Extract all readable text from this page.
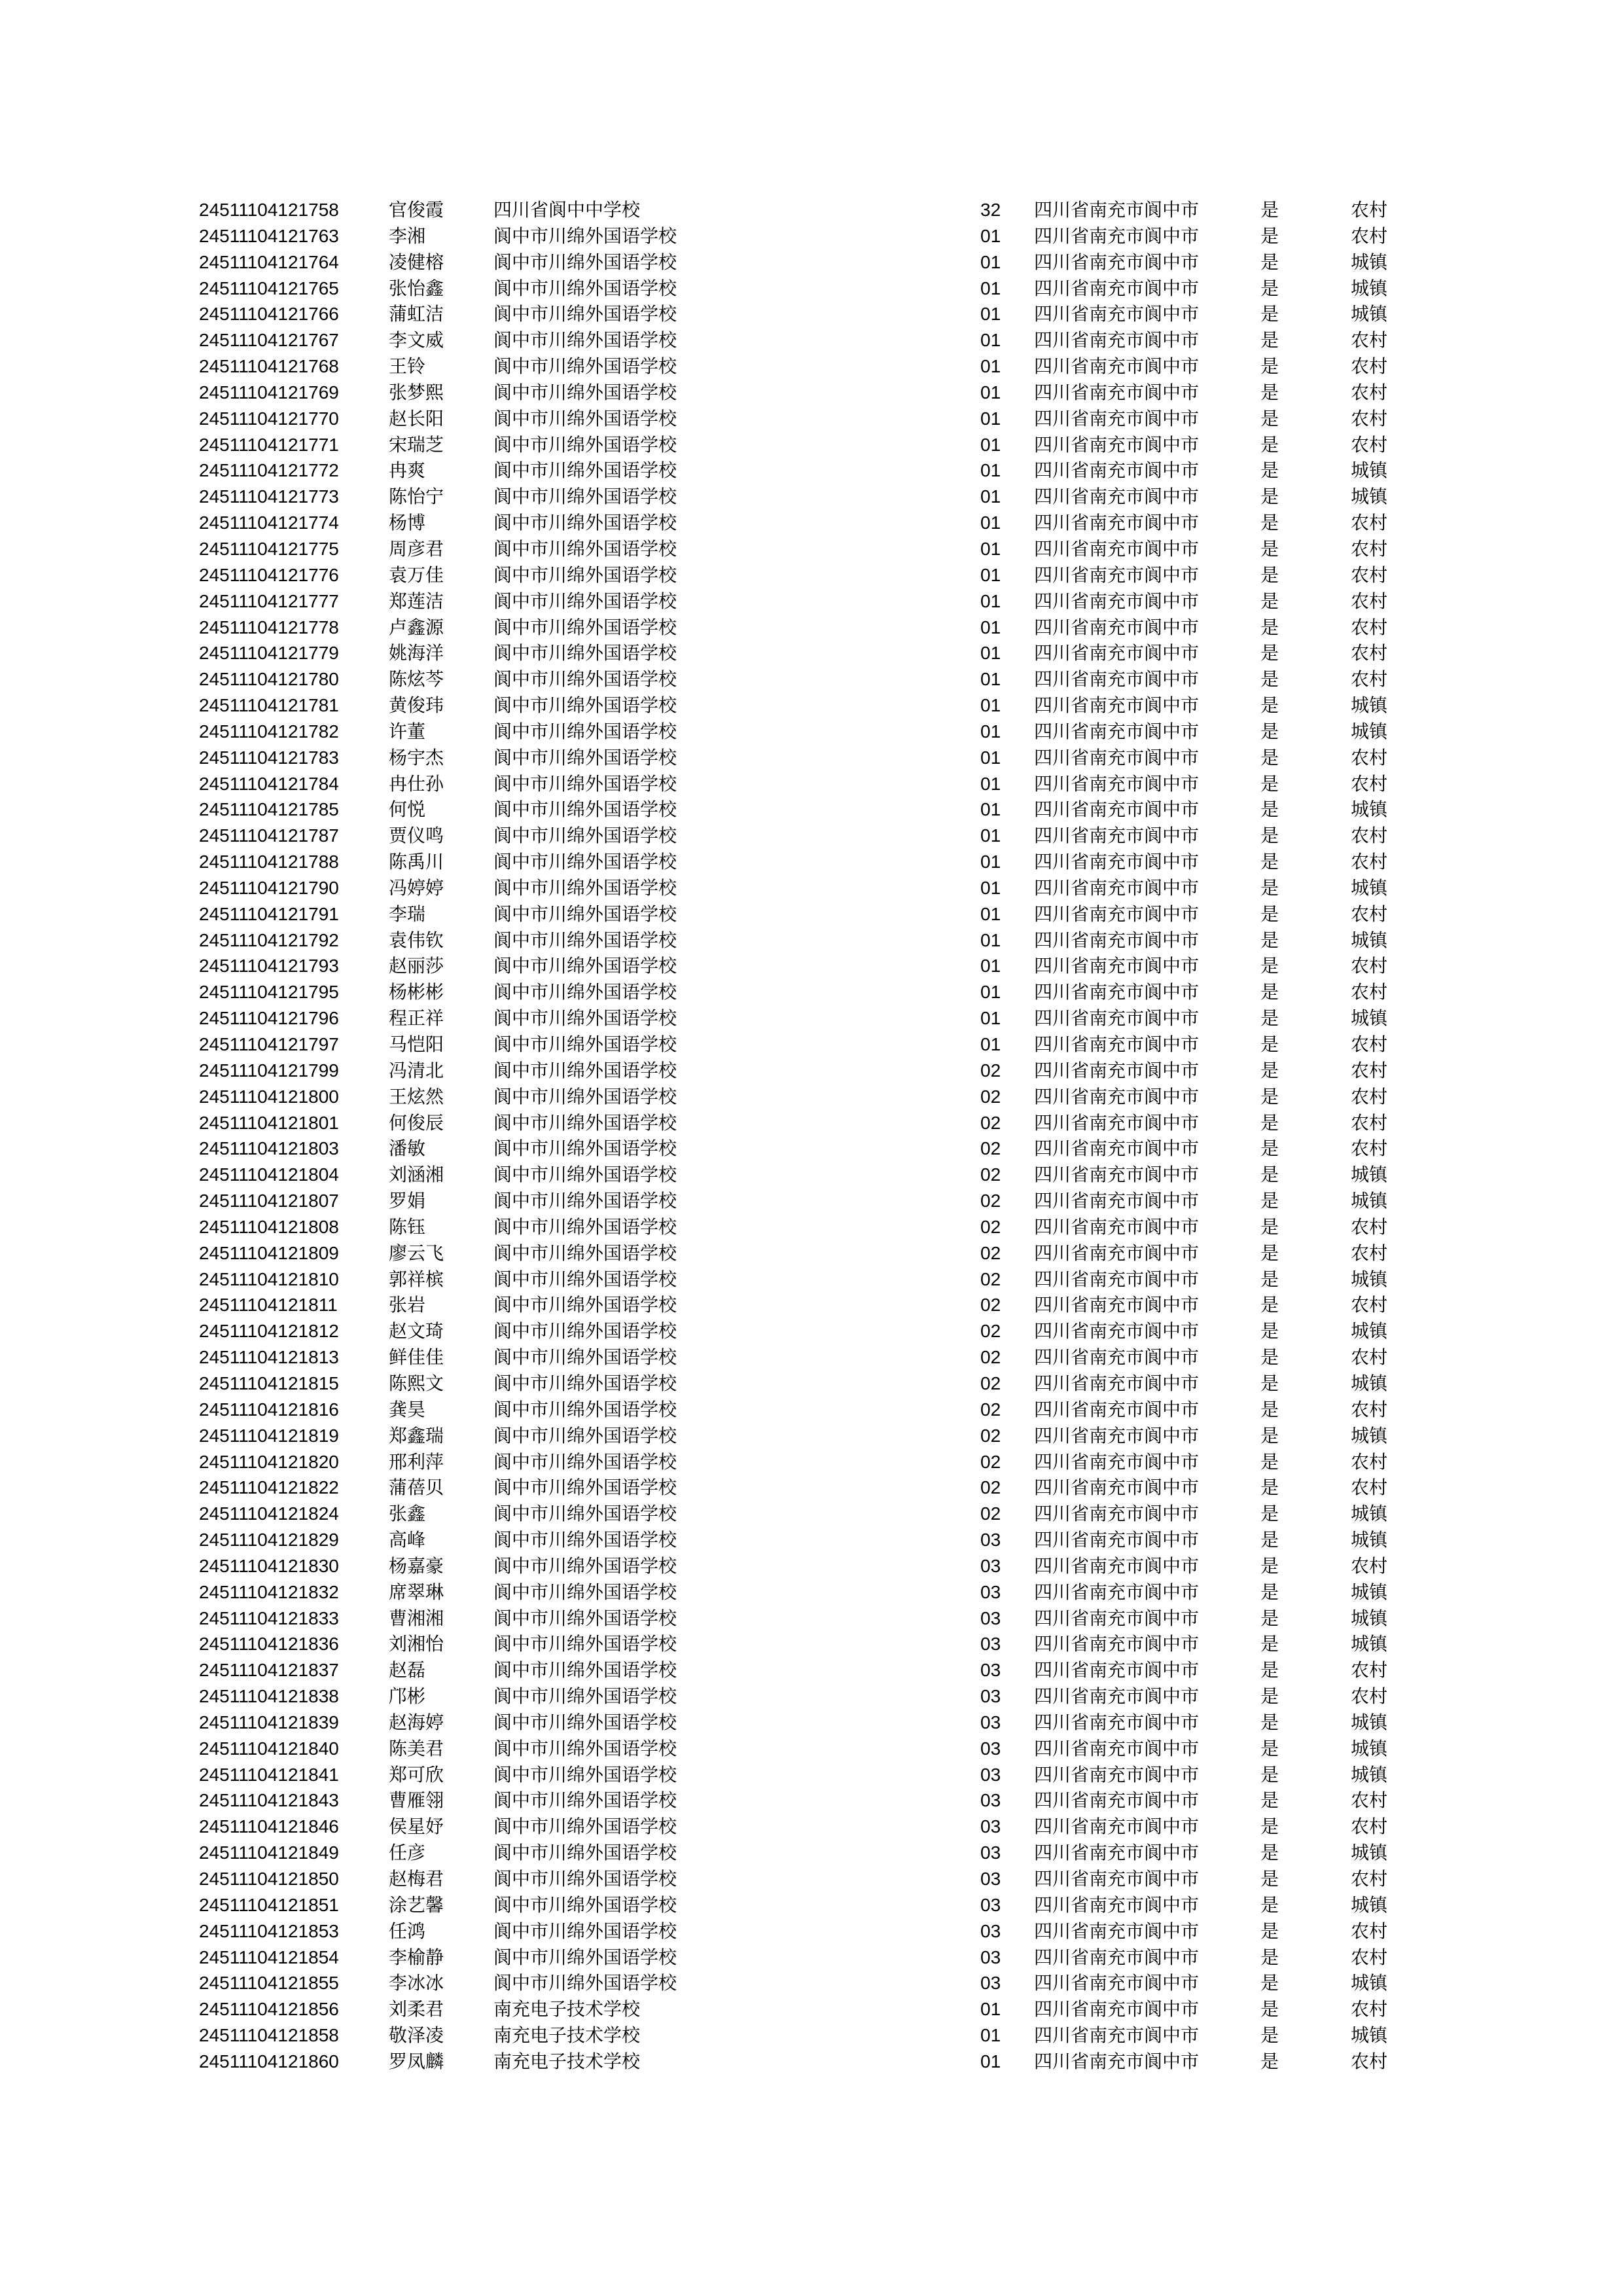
24511104121758	官俊霞	四川省阆中中学校	32	四川省南充市阆中市	是	农村
24511104121763	李湘	阆中市川绵外国语学校	01	四川省南充市阆中市	是	农村
24511104121764	凌健榕	阆中市川绵外国语学校	01	四川省南充市阆中市	是	城镇
24511104121765	张怡鑫	阆中市川绵外国语学校	01	四川省南充市阆中市	是	城镇
24511104121766	蒲虹洁	阆中市川绵外国语学校	01	四川省南充市阆中市	是	城镇
24511104121767	李文威	阆中市川绵外国语学校	01	四川省南充市阆中市	是	农村
24511104121768	王铃	阆中市川绵外国语学校	01	四川省南充市阆中市	是	农村
24511104121769	张梦熙	阆中市川绵外国语学校	01	四川省南充市阆中市	是	农村
24511104121770	赵长阳	阆中市川绵外国语学校	01	四川省南充市阆中市	是	农村
24511104121771	宋瑞芝	阆中市川绵外国语学校	01	四川省南充市阆中市	是	农村
24511104121772	冉爽	阆中市川绵外国语学校	01	四川省南充市阆中市	是	城镇
24511104121773	陈怡宁	阆中市川绵外国语学校	01	四川省南充市阆中市	是	城镇
24511104121774	杨博	阆中市川绵外国语学校	01	四川省南充市阆中市	是	农村
24511104121775	周彦君	阆中市川绵外国语学校	01	四川省南充市阆中市	是	农村
24511104121776	袁万佳	阆中市川绵外国语学校	01	四川省南充市阆中市	是	农村
24511104121777	郑莲洁	阆中市川绵外国语学校	01	四川省南充市阆中市	是	农村
24511104121778	卢鑫源	阆中市川绵外国语学校	01	四川省南充市阆中市	是	农村
24511104121779	姚海洋	阆中市川绵外国语学校	01	四川省南充市阆中市	是	农村
24511104121780	陈炫芩	阆中市川绵外国语学校	01	四川省南充市阆中市	是	农村
24511104121781	黄俊玮	阆中市川绵外国语学校	01	四川省南充市阆中市	是	城镇
24511104121782	许董	阆中市川绵外国语学校	01	四川省南充市阆中市	是	城镇
24511104121783	杨宇杰	阆中市川绵外国语学校	01	四川省南充市阆中市	是	农村
24511104121784	冉仕孙	阆中市川绵外国语学校	01	四川省南充市阆中市	是	农村
24511104121785	何悦	阆中市川绵外国语学校	01	四川省南充市阆中市	是	城镇
24511104121787	贾仪鸣	阆中市川绵外国语学校	01	四川省南充市阆中市	是	农村
24511104121788	陈禹川	阆中市川绵外国语学校	01	四川省南充市阆中市	是	农村
24511104121790	冯婷婷	阆中市川绵外国语学校	01	四川省南充市阆中市	是	城镇
24511104121791	李瑞	阆中市川绵外国语学校	01	四川省南充市阆中市	是	农村
24511104121792	袁伟钦	阆中市川绵外国语学校	01	四川省南充市阆中市	是	城镇
24511104121793	赵丽莎	阆中市川绵外国语学校	01	四川省南充市阆中市	是	农村
24511104121795	杨彬彬	阆中市川绵外国语学校	01	四川省南充市阆中市	是	农村
24511104121796	程正祥	阆中市川绵外国语学校	01	四川省南充市阆中市	是	城镇
24511104121797	马恺阳	阆中市川绵外国语学校	01	四川省南充市阆中市	是	农村
24511104121799	冯清北	阆中市川绵外国语学校	02	四川省南充市阆中市	是	农村
24511104121800	王炫然	阆中市川绵外国语学校	02	四川省南充市阆中市	是	农村
24511104121801	何俊辰	阆中市川绵外国语学校	02	四川省南充市阆中市	是	农村
24511104121803	潘敏	阆中市川绵外国语学校	02	四川省南充市阆中市	是	农村
24511104121804	刘涵湘	阆中市川绵外国语学校	02	四川省南充市阆中市	是	城镇
24511104121807	罗娟	阆中市川绵外国语学校	02	四川省南充市阆中市	是	城镇
24511104121808	陈钰	阆中市川绵外国语学校	02	四川省南充市阆中市	是	农村
24511104121809	廖云飞	阆中市川绵外国语学校	02	四川省南充市阆中市	是	农村
24511104121810	郭祥槟	阆中市川绵外国语学校	02	四川省南充市阆中市	是	城镇
24511104121811	张岩	阆中市川绵外国语学校	02	四川省南充市阆中市	是	农村
24511104121812	赵文琦	阆中市川绵外国语学校	02	四川省南充市阆中市	是	城镇
24511104121813	鲜佳佳	阆中市川绵外国语学校	02	四川省南充市阆中市	是	农村
24511104121815	陈熙文	阆中市川绵外国语学校	02	四川省南充市阆中市	是	城镇
24511104121816	龚昊	阆中市川绵外国语学校	02	四川省南充市阆中市	是	农村
24511104121819	郑鑫瑞	阆中市川绵外国语学校	02	四川省南充市阆中市	是	城镇
24511104121820	邢利萍	阆中市川绵外国语学校	02	四川省南充市阆中市	是	农村
24511104121822	蒲蓓贝	阆中市川绵外国语学校	02	四川省南充市阆中市	是	农村
24511104121824	张鑫	阆中市川绵外国语学校	02	四川省南充市阆中市	是	城镇
24511104121829	高峰	阆中市川绵外国语学校	03	四川省南充市阆中市	是	城镇
24511104121830	杨嘉豪	阆中市川绵外国语学校	03	四川省南充市阆中市	是	农村
24511104121832	席翠琳	阆中市川绵外国语学校	03	四川省南充市阆中市	是	城镇
24511104121833	曹湘湘	阆中市川绵外国语学校	03	四川省南充市阆中市	是	城镇
24511104121836	刘湘怡	阆中市川绵外国语学校	03	四川省南充市阆中市	是	城镇
24511104121837	赵磊	阆中市川绵外国语学校	03	四川省南充市阆中市	是	农村
24511104121838	邝彬	阆中市川绵外国语学校	03	四川省南充市阆中市	是	农村
24511104121839	赵海婷	阆中市川绵外国语学校	03	四川省南充市阆中市	是	城镇
24511104121840	陈美君	阆中市川绵外国语学校	03	四川省南充市阆中市	是	城镇
24511104121841	郑可欣	阆中市川绵外国语学校	03	四川省南充市阆中市	是	城镇
24511104121843	曹雁翎	阆中市川绵外国语学校	03	四川省南充市阆中市	是	农村
24511104121846	侯星妤	阆中市川绵外国语学校	03	四川省南充市阆中市	是	农村
24511104121849	任彦	阆中市川绵外国语学校	03	四川省南充市阆中市	是	城镇
24511104121850	赵梅君	阆中市川绵外国语学校	03	四川省南充市阆中市	是	农村
24511104121851	涂艺馨	阆中市川绵外国语学校	03	四川省南充市阆中市	是	城镇
24511104121853	任鸿	阆中市川绵外国语学校	03	四川省南充市阆中市	是	农村
24511104121854	李榆静	阆中市川绵外国语学校	03	四川省南充市阆中市	是	农村
24511104121855	李冰冰	阆中市川绵外国语学校	03	四川省南充市阆中市	是	城镇
24511104121856	刘柔君	南充电子技术学校	01	四川省南充市阆中市	是	农村
24511104121858	敬泽凌	南充电子技术学校	01	四川省南充市阆中市	是	城镇
24511104121860	罗凤麟	南充电子技术学校	01	四川省南充市阆中市	是	农村
